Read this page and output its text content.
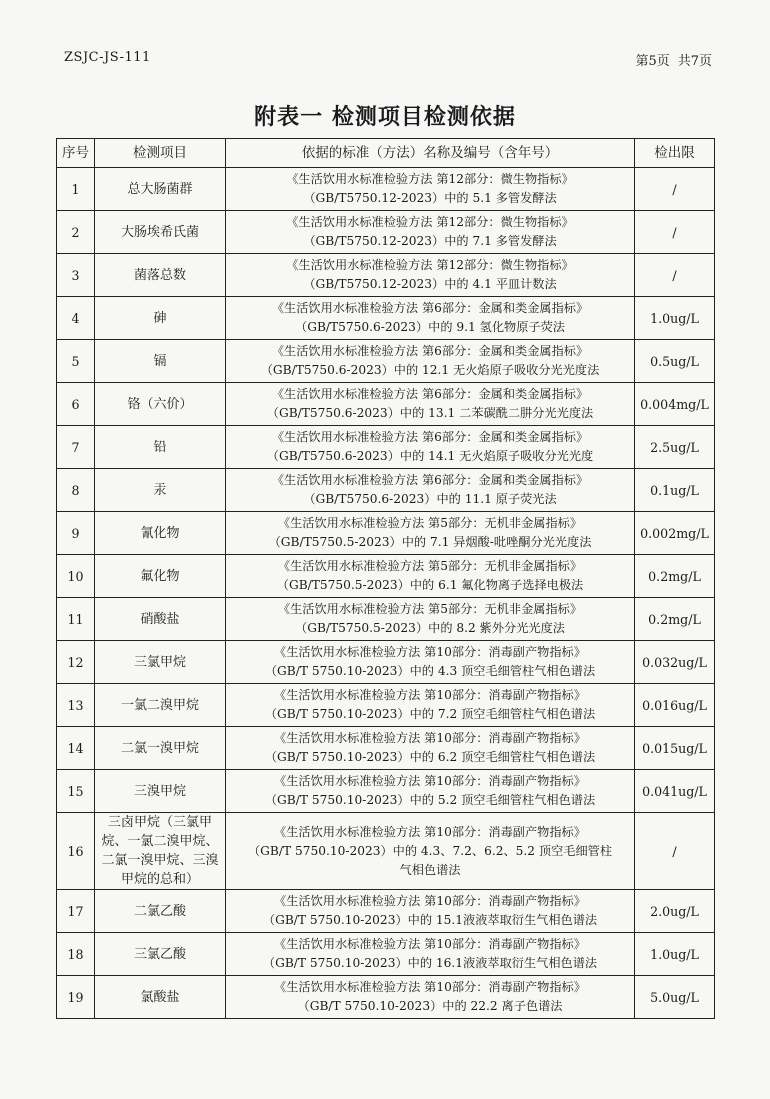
ZSJC-JS-111	第5页 共7页
附表一 检测项目检测依据
序号	检测项目	依据的标准（方法）名称及编号（含年号）	检出限
1	总大肠菌群	《生活饮用水标准检验方法 第12部分：微生物指标》
（GB/T5750.12-2023）中的 5.1 多管发酵法	/
2	大肠埃希氏菌	《生活饮用水标准检验方法 第12部分：微生物指标》
（GB/T5750.12-2023）中的 7.1 多管发酵法	/
3	菌落总数	《生活饮用水标准检验方法 第12部分：微生物指标》
（GB/T5750.12-2023）中的 4.1 平皿计数法	/
4	砷	《生活饮用水标准检验方法 第6部分：金属和类金属指标》
（GB/T5750.6-2023）中的 9.1 氢化物原子荧法	1.0ug/L
5	镉	《生活饮用水标准检验方法 第6部分：金属和类金属指标》
（GB/T5750.6-2023）中的 12.1 无火焰原子吸收分光光度法	0.5ug/L
6	铬（六价）	《生活饮用水标准检验方法 第6部分：金属和类金属指标》
（GB/T5750.6-2023）中的 13.1 二苯碳酰二肼分光光度法	0.004mg/L
7	铅	《生活饮用水标准检验方法 第6部分：金属和类金属指标》
（GB/T5750.6-2023）中的 14.1 无火焰原子吸收分光光度	2.5ug/L
8	汞	《生活饮用水标准检验方法 第6部分：金属和类金属指标》
（GB/T5750.6-2023）中的 11.1 原子荧光法	0.1ug/L
9	氰化物	《生活饮用水标准检验方法 第5部分：无机非金属指标》
（GB/T5750.5-2023）中的 7.1 异烟酸-吡唑酮分光光度法	0.002mg/L
10	氟化物	《生活饮用水标准检验方法 第5部分：无机非金属指标》
（GB/T5750.5-2023）中的 6.1 氟化物离子选择电极法	0.2mg/L
11	硝酸盐	《生活饮用水标准检验方法 第5部分：无机非金属指标》
（GB/T5750.5-2023）中的 8.2 紫外分光光度法	0.2mg/L
12	三氯甲烷	《生活饮用水标准检验方法 第10部分：消毒副产物指标》
（GB/T 5750.10-2023）中的 4.3 顶空毛细管柱气相色谱法	0.032ug/L
13	一氯二溴甲烷	《生活饮用水标准检验方法 第10部分：消毒副产物指标》
（GB/T 5750.10-2023）中的 7.2 顶空毛细管柱气相色谱法	0.016ug/L
14	二氯一溴甲烷	《生活饮用水标准检验方法 第10部分：消毒副产物指标》
（GB/T 5750.10-2023）中的 6.2 顶空毛细管柱气相色谱法	0.015ug/L
15	三溴甲烷	《生活饮用水标准检验方法 第10部分：消毒副产物指标》
（GB/T 5750.10-2023）中的 5.2 顶空毛细管柱气相色谱法	0.041ug/L
16	三卤甲烷（三氯甲烷、一氯二溴甲烷、二氯一溴甲烷、三溴甲烷的总和）	《生活饮用水标准检验方法 第10部分：消毒副产物指标》
（GB/T 5750.10-2023）中的 4.3、7.2、6.2、5.2 顶空毛细管柱
气相色谱法	/
17	二氯乙酸	《生活饮用水标准检验方法 第10部分：消毒副产物指标》
（GB/T 5750.10-2023）中的 15.1液液萃取衍生气相色谱法	2.0ug/L
18	三氯乙酸	《生活饮用水标准检验方法 第10部分：消毒副产物指标》
（GB/T 5750.10-2023）中的 16.1液液萃取衍生气相色谱法	1.0ug/L
19	氯酸盐	《生活饮用水标准检验方法 第10部分：消毒副产物指标》
（GB/T 5750.10-2023）中的 22.2 离子色谱法	5.0ug/L
